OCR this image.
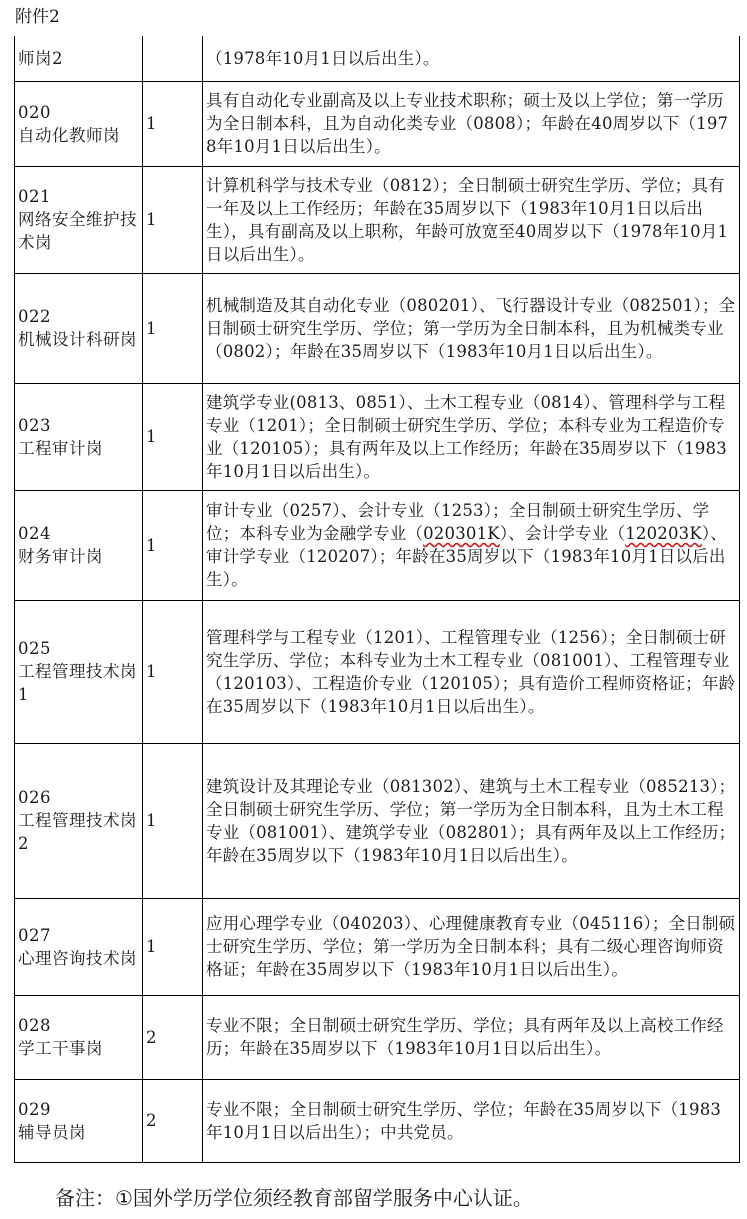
附件2
师岗2		（1978年10月1日以后出生）。

020
自动化教师岗	1	具有自动化专业副高及以上专业技术职称；硕士及以上学位；第一学历为全日制本科，且为自动化类专业（0808）；年龄在40周岁以下（1978年10月1日以后出生）。

021
网络安全维护技术岗	1	计算机科学与技术专业（0812）；全日制硕士研究生学历、学位；具有一年及以上工作经历；年龄在35周岁以下（1983年10月1日以后出生），具有副高及以上职称，年龄可放宽至40周岁以下（1978年10月1日以后出生）。

022
机械设计科研岗	1	机械制造及其自动化专业（080201）、飞行器设计专业（082501）；全日制硕士研究生学历、学位；第一学历为全日制本科，且为机械类专业（0802）；年龄在35周岁以下（1983年10月1日以后出生）。

023
工程审计岗	1	建筑学专业(0813、0851）、土木工程专业（0814）、管理科学与工程专业（1201）；全日制硕士研究生学历、学位；本科专业为工程造价专业（120105）；具有两年及以上工作经历；年龄在35周岁以下（1983年10月1日以后出生）。

024
财务审计岗	1	审计专业（0257）、会计专业（1253）；全日制硕士研究生学历、学位；本科专业为金融学专业（020301K）、会计学专业（120203K）、审计学专业（120207）；年龄在35周岁以下（1983年10月1日以后出生）。

025
工程管理技术岗1	1	管理科学与工程专业（1201）、工程管理专业（1256）；全日制硕士研究生学历、学位；本科专业为土木工程专业（081001）、工程管理专业（120103）、工程造价专业（120105）；具有造价工程师资格证；年龄在35周岁以下（1983年10月1日以后出生）。

026
工程管理技术岗2	1	建筑设计及其理论专业（081302）、建筑与土木工程专业（085213）；全日制硕士研究生学历、学位；第一学历为全日制本科，且为土木工程专业（081001）、建筑学专业（082801）；具有两年及以上工作经历；年龄在35周岁以下（1983年10月1日以后出生）。

027
心理咨询技术岗	1	应用心理学专业（040203）、心理健康教育专业（045116）；全日制硕士研究生学历、学位；第一学历为全日制本科；具有二级心理咨询师资格证；年龄在35周岁以下（1983年10月1日以后出生）。

028
学工干事岗	2	专业不限；全日制硕士研究生学历、学位；具有两年及以上高校工作经历；年龄在35周岁以下（1983年10月1日以后出生）。

029
辅导员岗	2	专业不限；全日制硕士研究生学历、学位；年龄在35周岁以下（1983年10月1日以后出生）；中共党员。
备注：①国外学历学位须经教育部留学服务中心认证。
